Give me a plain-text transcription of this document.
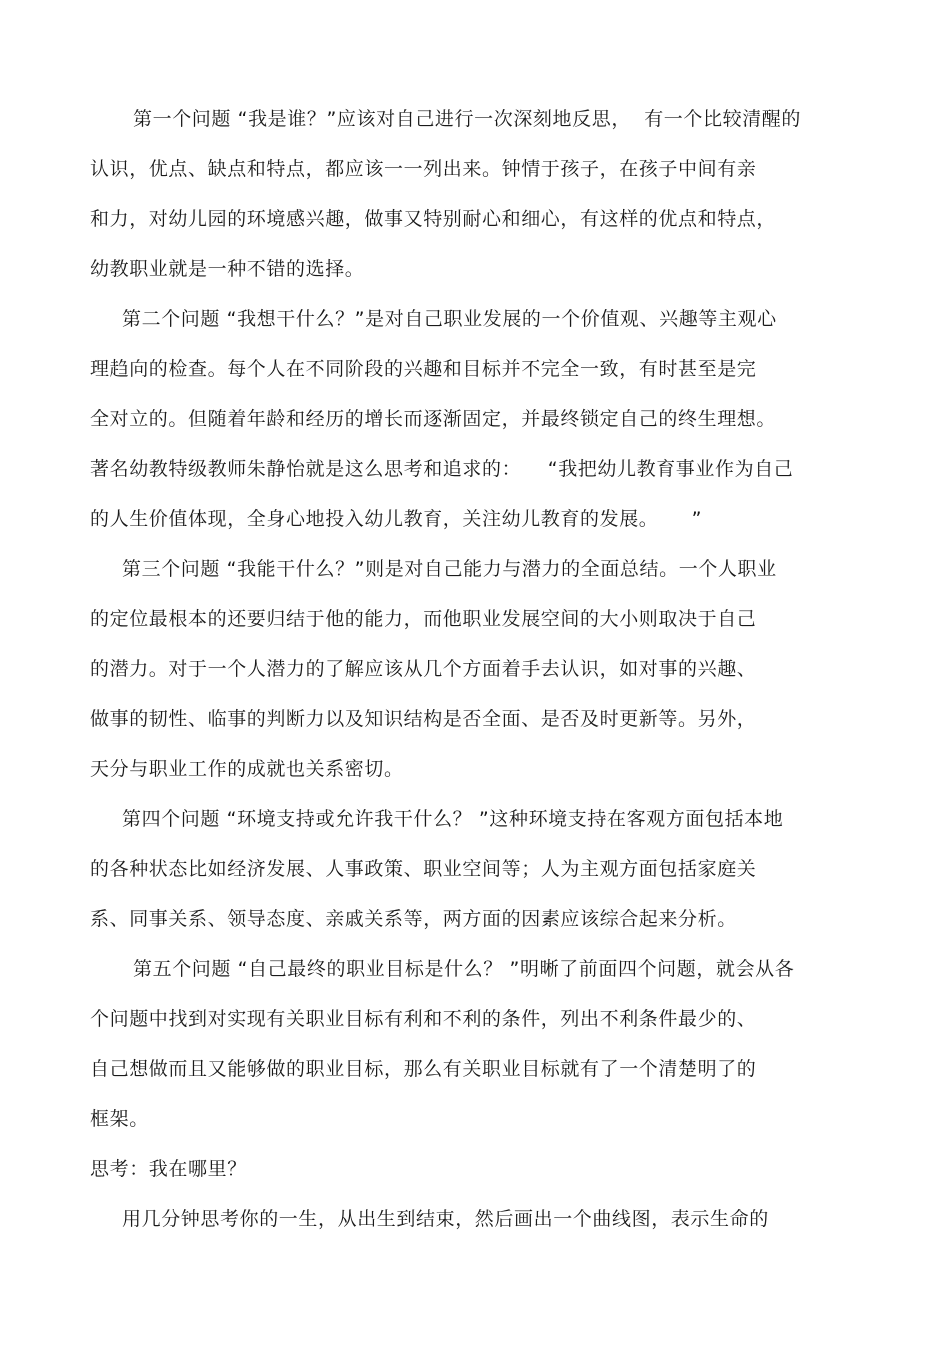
第一个问题 “我是谁？”应该对自己进行一次深刻地反思，  有一个比较清醒的
认识，优点、缺点和特点，都应该一一列出来。钟情于孩子，在孩子中间有亲
和力，对幼儿园的环境感兴趣，做事又特别耐心和细心，有这样的优点和特点，
幼教职业就是一种不错的选择。
第二个问题 “我想干什么？”是对自己职业发展的一个价值观、兴趣等主观心
理趋向的检查。每个人在不同阶段的兴趣和目标并不完全一致，有时甚至是完
全对立的。但随着年龄和经历的增长而逐渐固定，并最终锁定自己的终生理想。
著名幼教特级教师朱静怡就是这么思考和追求的：    “我把幼儿教育事业作为自己
的人生价值体现，全身心地投入幼儿教育，关注幼儿教育的发展。     ”
第三个问题 “我能干什么？”则是对自己能力与潜力的全面总结。一个人职业
的定位最根本的还要归结于他的能力，而他职业发展空间的大小则取决于自己
的潜力。对于一个人潜力的了解应该从几个方面着手去认识，如对事的兴趣、
做事的韧性、临事的判断力以及知识结构是否全面、是否及时更新等。另外，
天分与职业工作的成就也关系密切。
第四个问题 “环境支持或允许我干什么？ ”这种环境支持在客观方面包括本地
的各种状态比如经济发展、人事政策、职业空间等；人为主观方面包括家庭关
系、同事关系、领导态度、亲戚关系等，两方面的因素应该综合起来分析。
第五个问题 “自己最终的职业目标是什么？ ”明晰了前面四个问题，就会从各
个问题中找到对实现有关职业目标有利和不利的条件，列出不利条件最少的、
自己想做而且又能够做的职业目标，那么有关职业目标就有了一个清楚明了的
框架。
思考：我在哪里？
用几分钟思考你的一生，从出生到结束，然后画出一个曲线图，表示生命的
